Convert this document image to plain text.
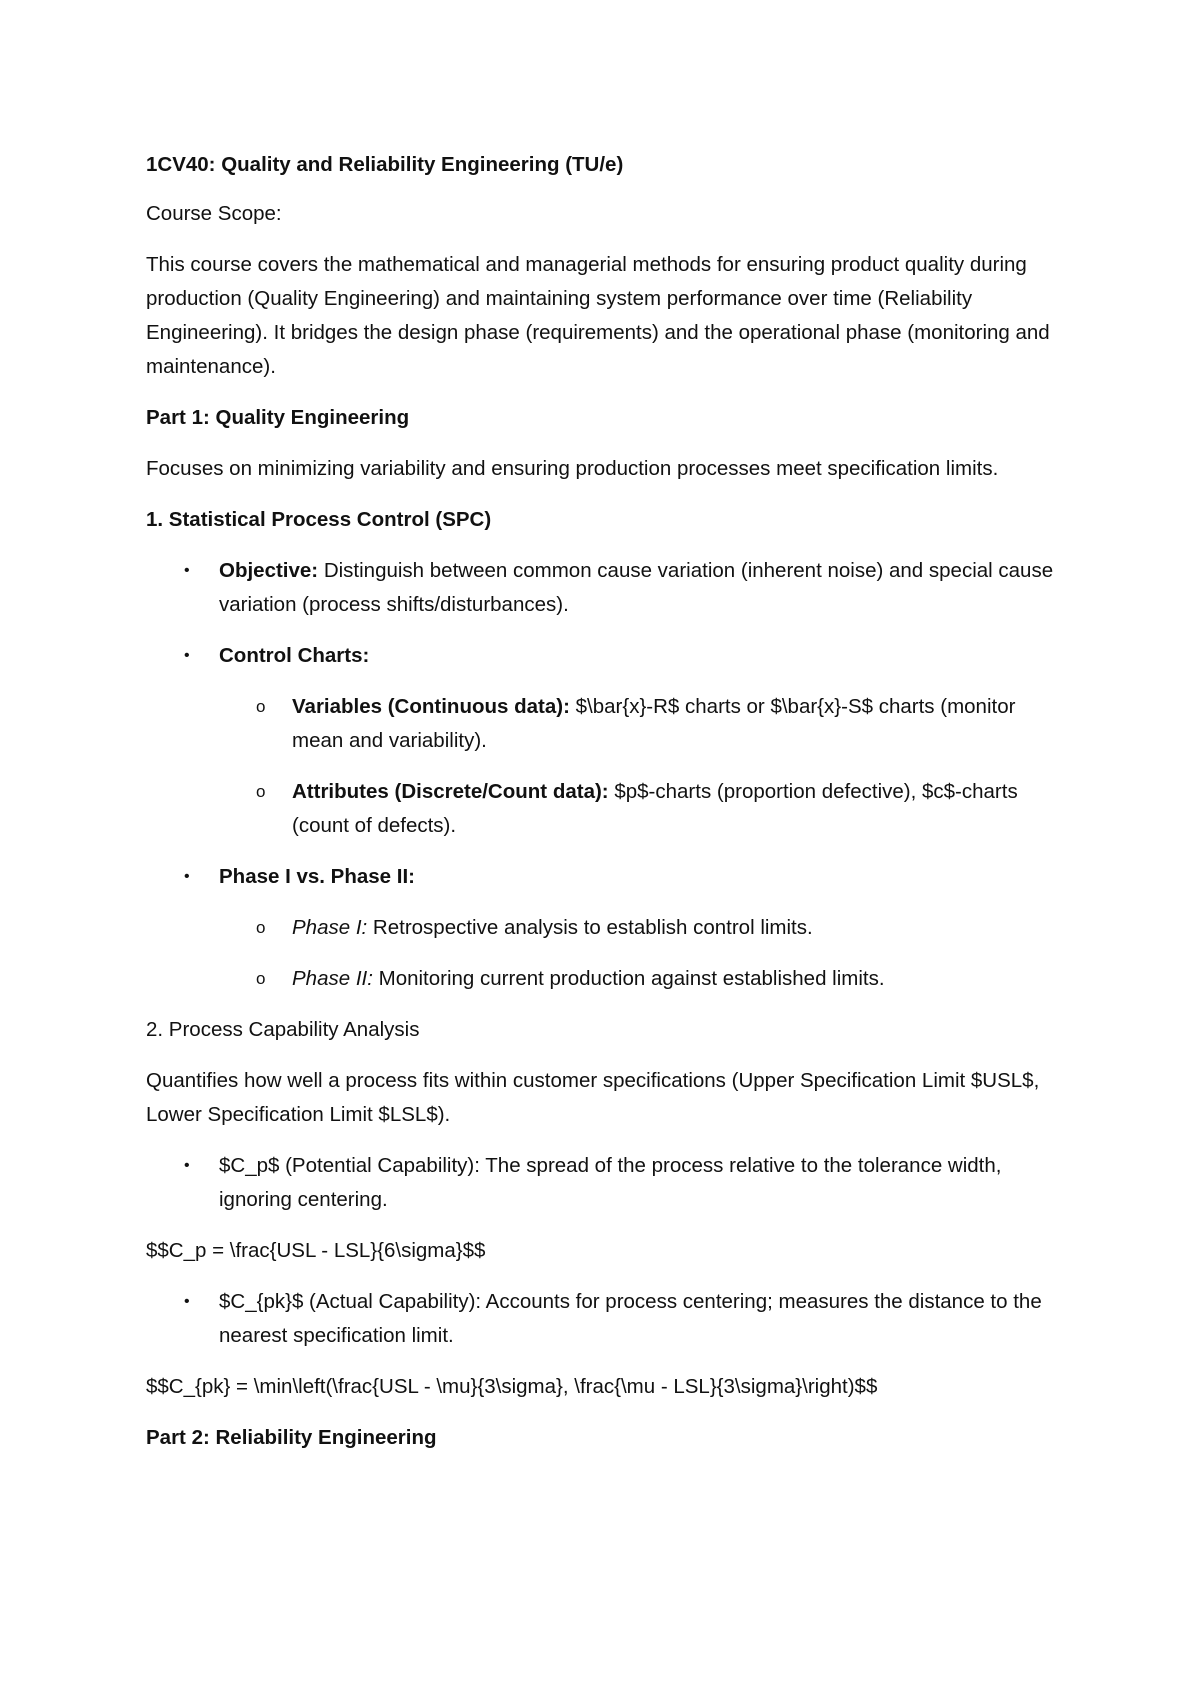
1CV40: Quality and Reliability Engineering (TU/e)

Course Scope:

This course covers the mathematical and managerial methods for ensuring product quality during production (Quality Engineering) and maintaining system performance over time (Reliability Engineering). It bridges the design phase (requirements) and the operational phase (monitoring and maintenance).

Part 1: Quality Engineering

Focuses on minimizing variability and ensuring production processes meet specification limits.

1. Statistical Process Control (SPC)

• Objective: Distinguish between common cause variation (inherent noise) and special cause variation (process shifts/disturbances).
• Control Charts:
o Variables (Continuous data): $\bar{x}-R$ charts or $\bar{x}-S$ charts (monitor mean and variability).
o Attributes (Discrete/Count data): $p$-charts (proportion defective), $c$-charts (count of defects).
• Phase I vs. Phase II:
o Phase I: Retrospective analysis to establish control limits.
o Phase II: Monitoring current production against established limits.

2. Process Capability Analysis

Quantifies how well a process fits within customer specifications (Upper Specification Limit $USL$, Lower Specification Limit $LSL$).

• $C_p$ (Potential Capability): The spread of the process relative to the tolerance width, ignoring centering.

$$C_p = \frac{USL - LSL}{6\sigma}$$

• $C_{pk}$ (Actual Capability): Accounts for process centering; measures the distance to the nearest specification limit.

$$C_{pk} = \min\left(\frac{USL - \mu}{3\sigma}, \frac{\mu - LSL}{3\sigma}\right)$$

Part 2: Reliability Engineering
